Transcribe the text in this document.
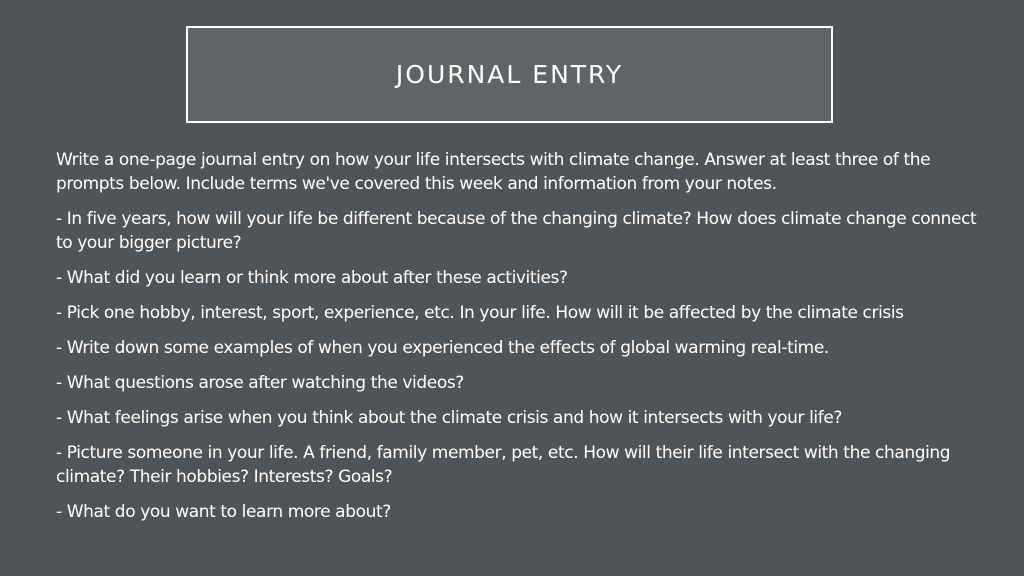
JOURNAL ENTRY

Write a one-page journal entry on how your life intersects with climate change. Answer at least three of the prompts below. Include terms we've covered this week and information from your notes.

- In five years, how will your life be different because of the changing climate? How does climate change connect to your bigger picture?

- What did you learn or think more about after these activities?

- Pick one hobby, interest, sport, experience, etc. In your life. How will it be affected by the climate crisis

- Write down some examples of when you experienced the effects of global warming real-time.

- What questions arose after watching the videos?

- What feelings arise when you think about the climate crisis and how it intersects with your life?

- Picture someone in your life. A friend, family member, pet, etc. How will their life intersect with the changing climate? Their hobbies? Interests? Goals?

- What do you want to learn more about?
